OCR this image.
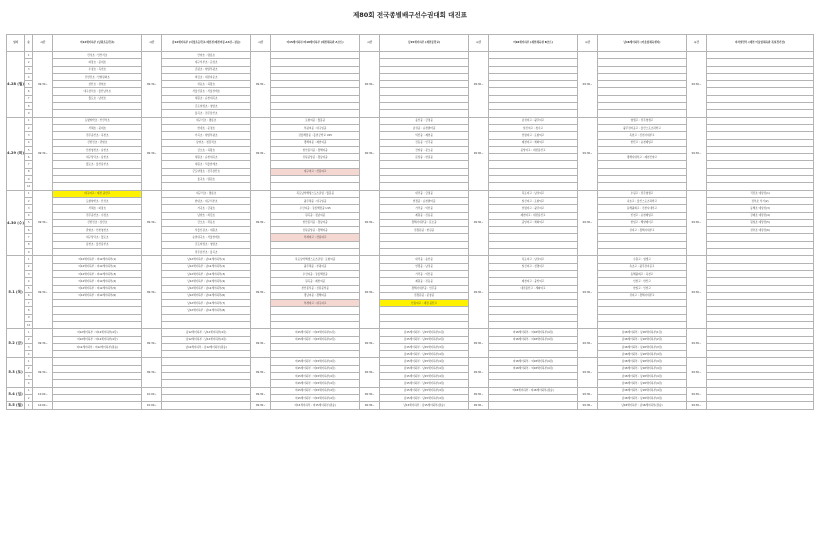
제80회 전국종별배구선수권대회 대진표
일자	순	시간	여12세이하부 (남원초등학교)	시간	남12세이하부 (의정초등학교-예선전/제천여중-14강~결승)	시간	여15세이하부/여18세이하부 (제천체육관 A코트)	시간	남15세이하부 (제천중학교)	시간	여18세이하부 (제천체육관 B코트)	시간	남18세이하부 (어울림체육센터)	시간	여자일반부 (제천 어울림체육관 특설경기장)
4.28 (월)	1	09:30~	산성초 : 안산서초	09:30~	안양초 : 명륜초	09:30~		09:30~		09:30~		09:30~		09:30~	
	2		파장초 : 중대초		대구서부초 : 운정초										
	3		수정초 : 옥천초		금평초 : 현암부평초										
	4		신한진초 : 안현원외초		의림초 : 대전자운초										
	5		삼산초 : 관현초		처동초 : 죽왕초										
	6		대구삼덕초 : 울산남부초		서울신갈초 : 서울상계초										
	7		월포초 : 남천초		대원초 : 순천대곡초										
	8				군포양정초 : 청암초										
	9				율곡초 : 전주삼산초										
4.29 (화)	1	09:30~	포항양학초 : 안산서초	09:30~	대구서초 : 명륜초	09:30~	포항여중 : 월봉중	09:30~	송산중 : 금정중	09:30~	남성여고 : 광주여고	09:30~	영생고 : 전주영생고	09:30~	
	2		서혜초 : 중대초		한내초 : 운정초		부평여중 : 대구일중		남성중 : 순천팔마중		일신여고 : 청수고		광주전자공고 : 울산스포츠과학고		
	3		전주중산초 : 옥천초		가곡초 : 현암부평초		강릉해람중 : 홍천군학교 U15		익산중 : 제천중		선명여고 : 포항여고		옥천고 : 진천사대부고		
	4		신한진초 : 관현초		남양초 : 청림처초		경해여중 : 제천여중		진동중 : 인주중		제천여고 : 세화여고		한산고 : 순천제일고		
	5		인천영선초 : 남천초		금오초 : 죽왕초		천안봉서중 : 경해여중		진양중 : 문오중		중앙여고 : 대전용산고				
	6		대구상덕초 : 남천초		대원초 : 순천대곡초		신탄중앙중 : 경남여중		문창중 : 한길중				경해사대부고 : 제천신양고		
	7		월포초 : 울산남부초		대원초 : 서울한계초										
	8				군포양정초 : 전주삼산초		대구여고 : 산용여고								
	9				율곡초 : 명원초										
	10														
4.30 (수)	1	09:30~	대구여고 : 대전 중산고	09:30~	대구서초 : 명륜초	09:30~	목포남악해생스포츠클럽 : 월봉중	09:30~	대리중 : 금정중	09:30~	목포여고 : 남성여고	09:30~	수원고 : 전주영생고	09:30~	직전조 예상전(1)
	2		포항양학초 : 산성초		한내초 : 대구서부초		광주체중 : 대구일중		연경중 : 순천팔마중		일신여고 : 포항여고		속초고 : 울산스포츠과학고		전부조 서기(2)
	3		서혜초 : 파장초		가곡초 : 금평초		우신여중 : 강릉해람중 U15		가리중 : 익산중		선명여고 : 광주여고		동해광희고 : 진천사대부고		동해조 예상전(3)
	4		전주중산초 : 수정초		남양초 : 의림초		원곡중 : 정남여중		제원중 : 진동중		제천여고 : 대전용산고		인천고 : 순천제일고		강제조 예상전(4)
	5		신한진초 : 삼산초		금오초 : 처동초		천안봉서중 : 경남여중		경해사대부중 : 문오중		중앙여고 : 세화여고		한일고 : 해양제이고		원청조 예상전(5)
	6		관현초 : 인천영선초		서울신갈초 : 대원초		신탄중앙중 : 경해여중		전경원중 : 한길중				성지고 : 경해사대부고		전부조 예상전(6)
	7		대구상덕초 : 월포초		순천대곡초 : 서울한계초		부개여고 : 산용여고								
	8		남천초 : 울산남부초		군포양정초 : 청암초										
	9				전주삼산초 : 율곡초										
5.1 (목)	1	09:30~	여12세이하부 : 여12세이하부(1)	09:30~	남12세이하부 : 남12세이하부(1)	09:30~	목포남악해생스포츠클럽 : 포항여중	09:30~	대리중 : 송산중	09:30~	목포여고 : 남성여고	09:30~	수원고 : 영생고	09:30~	
	2		여12세이하부 : 여12세이하부(2)		남12세이하부 : 남12세이하부(2)		광주체중 : 부평여중		연경중 : 남성중		일신여고 : 선명여고		속초고 : 광주전자공고		
	3		여12세이하부 : 여12세이하부(3)		남12세이하부 : 남12세이하부(3)		우신여중 : 강릉해람중		가리중 : 익산중				동해광희고 : 옥천고		
	4		여12세이하부 : 여12세이하부(4)		남12세이하부 : 남12세이하부(4)		원곡중 : 제천여중		제원중 : 진동중		제천여고 : 중앙여고		인천고 : 한산고		
	5		여12세이하부 : 여12세이하부(5)		남12세이하부 : 남12세이하부(5)		천안봉서중 : 신탄중앙중		경해사대부중 : 인주중		대전용산고 : 세화여고		한일고 : 인천고		
	6		여12세이하부 : 여12세이하부(6)		남12세이하부 : 남12세이하부(6)		경남여중 : 경해여중		전경원중 : 문창중				성지고 : 경해사대부고		
	7				남12세이하부 : 남12세이하부(7)		부개여고 : 대구여고		산용여고 : 대전 중산고						
	8				남12세이하부 : 남12세이하부(8)										
	9														
	10														
5.2 (금)	1	09:30~	여12세이하부 : 여12세이하부(4강)	09:30~	남12세이하부 : 남12세이하부(4강)	09:30~	여15세이하부 : 여15세이하부(1강)	09:30~	남15세이하부 : 남15세이하부(1강)	09:30~	여18세이하부 : 여18세이하부(4강)	09:30~	남18세이하부 : 남18세이하부(1강)	09:30~	
	2		여12세이하부 : 여12세이하부(4강)		남12세이하부 : 남12세이하부(4강)		여15세이하부 : 여15세이하부(2강)		남15세이하부 : 남15세이하부(2강)		여18세이하부 : 여18세이하부(4강)		남18세이하부 : 남18세이하부(2강)		
	3		여12세이하부 : 여12세이하부(결승)		남12세이하부 : 남12세이하부(결승)				남15세이하부 : 남15세이하부(3강)				남18세이하부 : 남18세이하부(3강)		
	4								남15세이하부 : 남15세이하부(4강)				남18세이하부 : 남18세이하부(4강)		
5.3 (토)	1	09:30~		09:30~		09:30~	여15세이하부 : 여15세이하부(4강)	09:30~	남15세이하부 : 남15세이하부(4강)	09:30~	여18세이하부 : 여18세이하부(4강)	09:30~	남18세이하부 : 남18세이하부(4강)	09:30~	
	2						여15세이하부 : 여15세이하부(4강)		남15세이하부 : 남15세이하부(4강)		여18세이하부 : 여18세이하부(4강)		남18세이하부 : 남18세이하부(4강)		
	3						여15세이하부 : 여15세이하부(4강)		남15세이하부 : 남15세이하부(4강)				남18세이하부 : 남18세이하부(4강)		
	4						여15세이하부 : 여15세이하부(4강)		남15세이하부 : 남15세이하부(4강)				남18세이하부 : 남18세이하부(4강)		
5.4 (일)	1	10:00~		10:00~		09:30~	여15세이하부 : 여15세이하부(4강)	09:30~	남15세이하부 : 남15세이하부(4강)	09:30~	여18세이하부 : 여18세이하부(결승)	09:30~	남18세이하부 : 남18세이하부(4강)	09:30~	
	2						여15세이하부 : 여15세이하부(4강)		남15세이하부 : 남15세이하부(4강)				남18세이하부 : 남18세이하부(4강)		
5.5 (월)	1	10:00~		10:00~		09:30~	여15세이하부 : 여15세이하부(결승)	09:30~	남15세이하부 : 남15세이하부(결승)	09:30~		09:30~	남18세이하부 : 남18세이하부(결승)	09:30~	
